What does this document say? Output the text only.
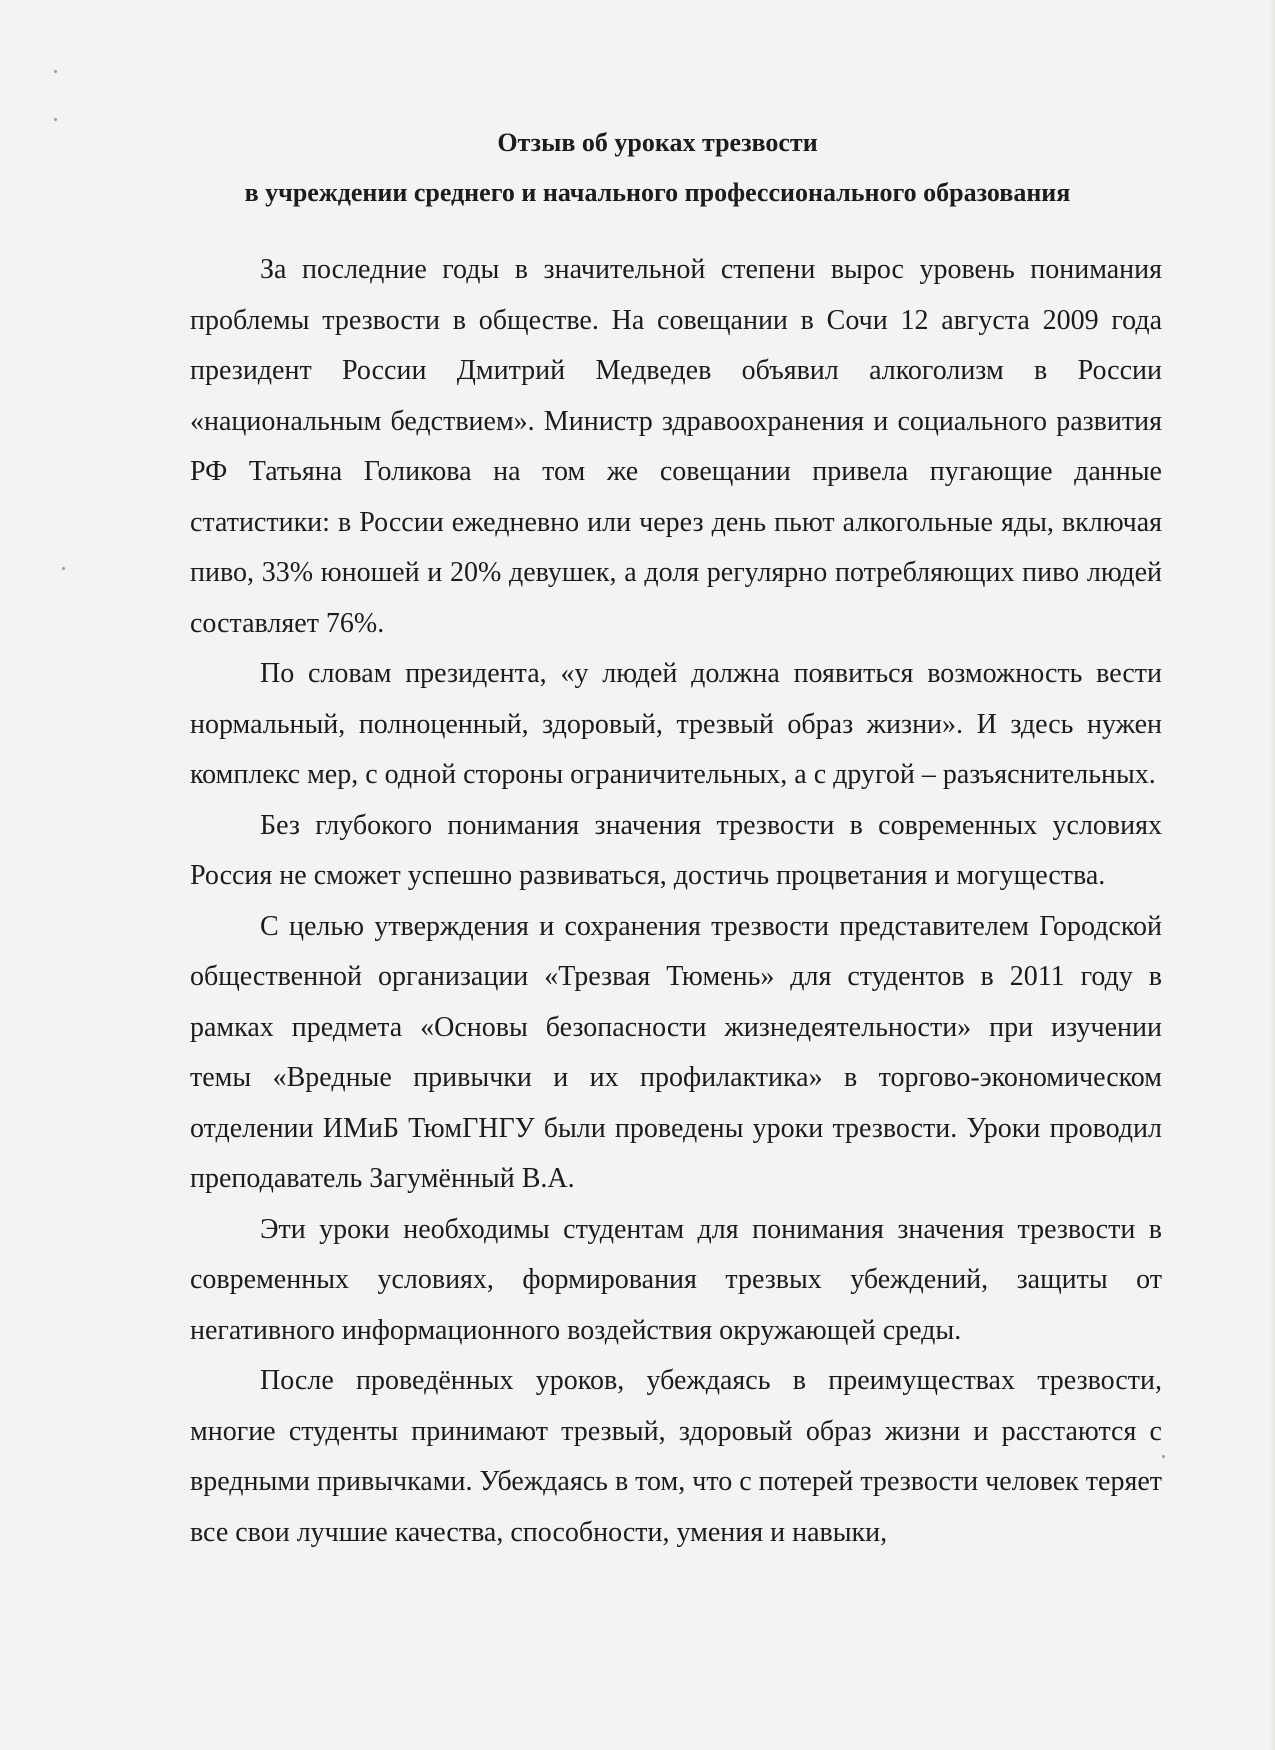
Отзыв об уроках трезвости
в учреждении среднего и начального профессионального образования

За последние годы в значительной степени вырос уровень понимания проблемы трезвости в обществе. На совещании в Сочи 12 августа 2009 года президент России Дмитрий Медведев объявил алкоголизм в России «национальным бедствием». Министр здравоохранения и социального развития РФ Татьяна Голикова на том же совещании привела пугающие данные статистики: в России ежедневно или через день пьют алкогольные яды, включая пиво, 33% юношей и 20% девушек, а доля регулярно потребляющих пиво людей составляет 76%.

По словам президента, «у людей должна появиться возможность вести нормальный, полноценный, здоровый, трезвый образ жизни». И здесь нужен комплекс мер, с одной стороны ограничительных, а с другой – разъяснительных.

Без глубокого понимания значения трезвости в современных условиях Россия не сможет успешно развиваться, достичь процветания и могущества.

С целью утверждения и сохранения трезвости представителем Городской общественной организации «Трезвая Тюмень» для студентов в 2011 году в рамках предмета «Основы безопасности жизнедеятельности» при изучении темы «Вредные привычки и их профилактика» в торгово-экономическом отделении ИМиБ ТюмГНГУ были проведены уроки трезвости. Уроки проводил преподаватель Загумённый В.А.

Эти уроки необходимы студентам для понимания значения трезвости в современных условиях, формирования трезвых убеждений, защиты от негативного информационного воздействия окружающей среды.

После проведённых уроков, убеждаясь в преимуществах трезвости, многие студенты принимают трезвый, здоровый образ жизни и расстаются с вредными привычками. Убеждаясь в том, что с потерей трезвости человек теряет все свои лучшие качества, способности, умения и навыки,
